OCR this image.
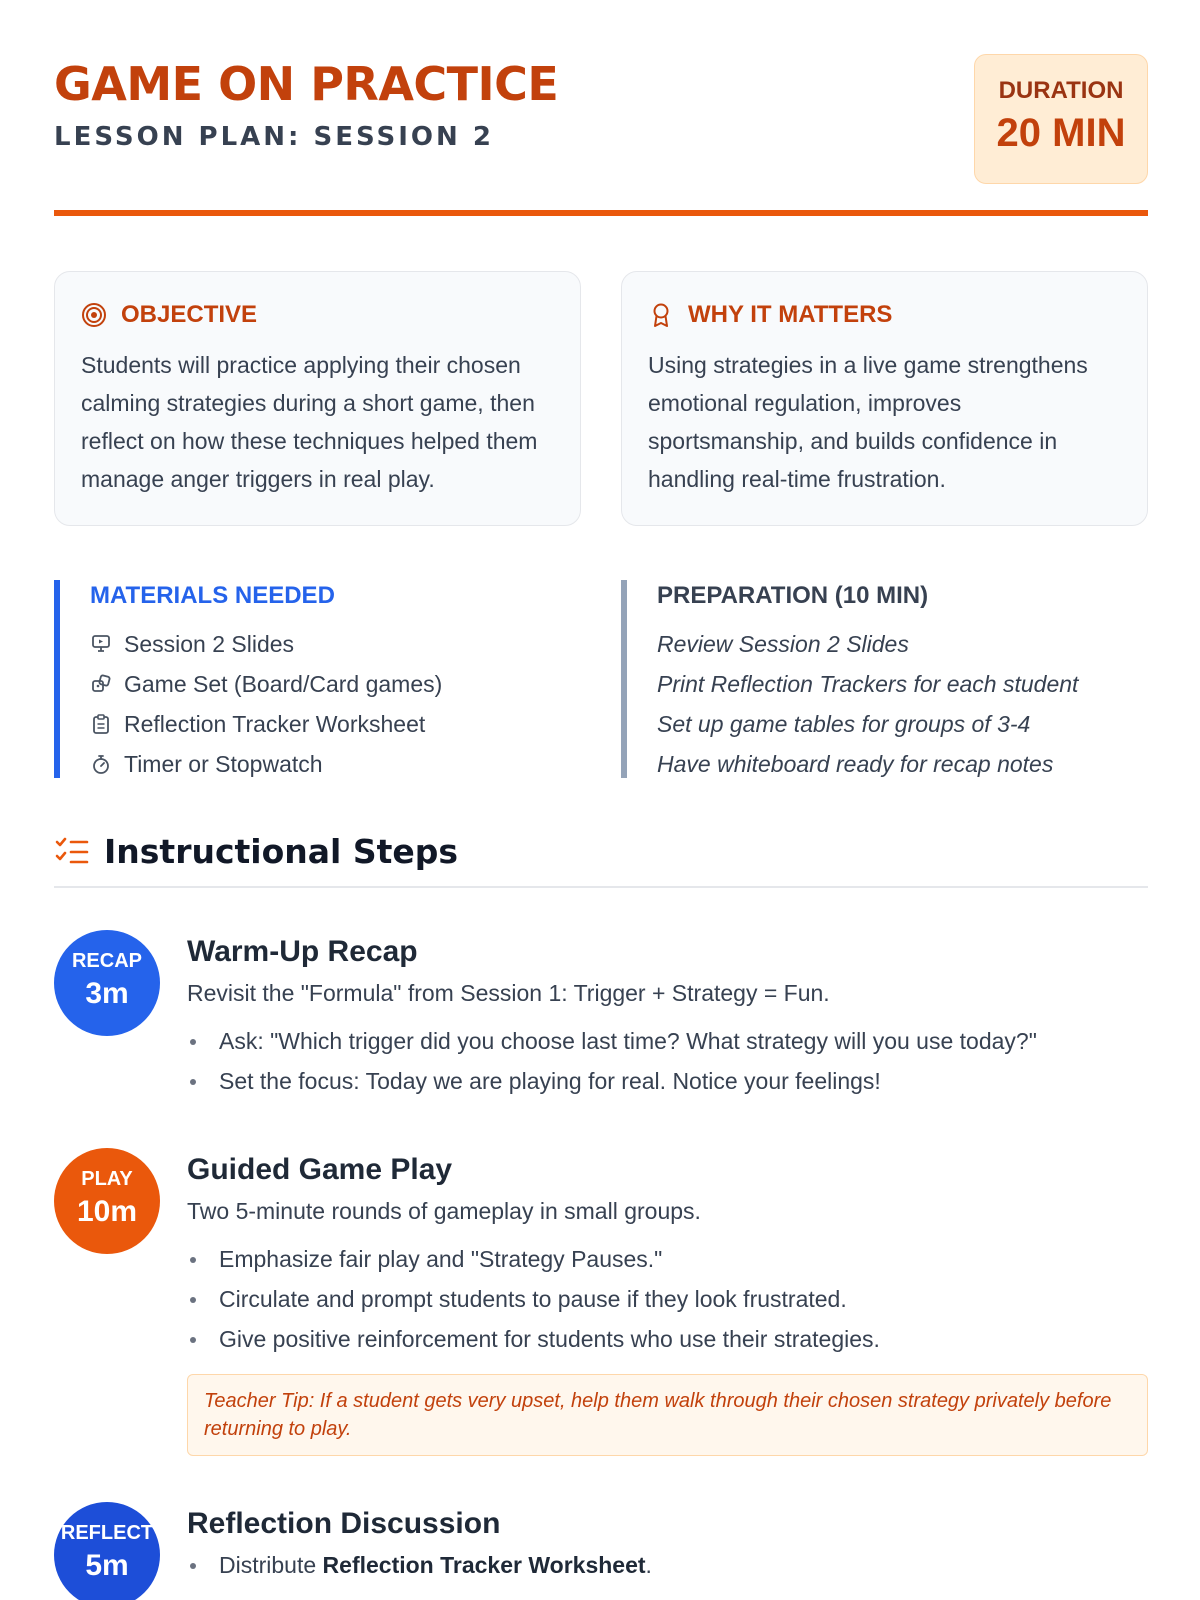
GAME ON PRACTICE
LESSON PLAN: SESSION 2
DURATION
20 MIN
OBJECTIVE

Students will practice applying their chosen calming strategies during a short game, then reflect on how these techniques helped them manage anger triggers in real play.

WHY IT MATTERS

Using strategies in a live game strengthens emotional regulation, improves sportsmanship, and builds confidence in handling real-time frustration.

MATERIALS NEEDED
Session 2 Slides
Game Set (Board/Card games)
Reflection Tracker Worksheet
Timer or Stopwatch
PREPARATION (10 MIN)
Review Session 2 Slides
Print Reflection Trackers for each student
Set up game tables for groups of 3-4
Have whiteboard ready for recap notes
Instructional Steps
RECAP
3m
Warm-Up Recap
Revisit the "Formula" from Session 1: Trigger + Strategy = Fun.
Ask: "Which trigger did you choose last time? What strategy will you use today?"
Set the focus: Today we are playing for real. Notice your feelings!
PLAY
10m
Guided Game Play
Two 5-minute rounds of gameplay in small groups.
Emphasize fair play and "Strategy Pauses."
Circulate and prompt students to pause if they look frustrated.
Give positive reinforcement for students who use their strategies.
Teacher Tip: If a student gets very upset, help them walk through their chosen strategy privately before returning to play.
REFLECT
5m
Reflection Discussion
Distribute Reflection Tracker Worksheet.
